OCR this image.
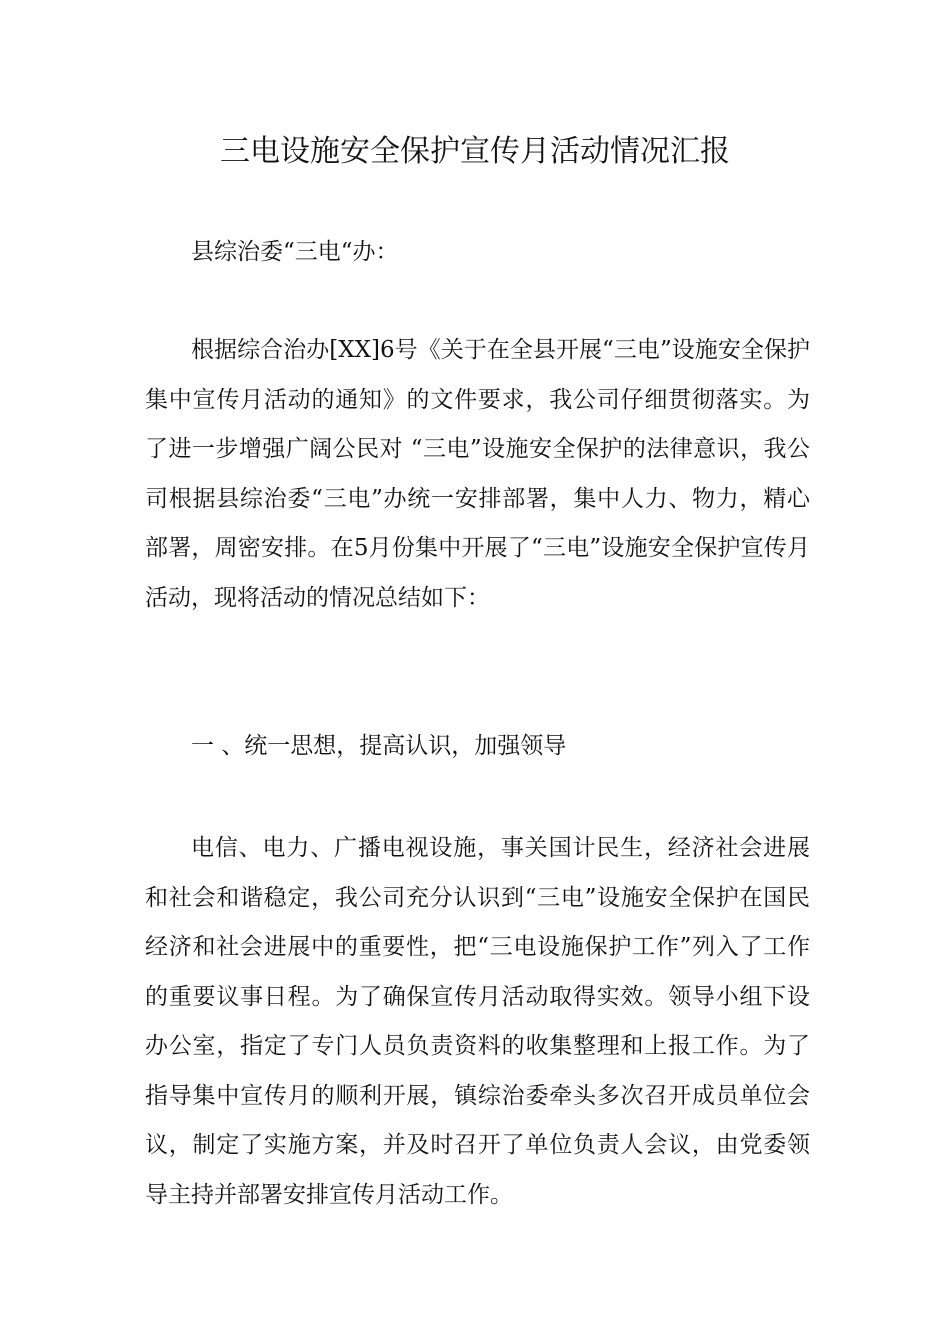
三电设施安全保护宣传月活动情况汇报

县综治委“三电“办：

根据综合治办[XX]6号《关于在全县开展“三电”设施安全保护集中宣传月活动的通知》的文件要求，我公司仔细贯彻落实。为了进一步增强广阔公民对 “三电”设施安全保护的法律意识，我公司根据县综治委“三电”办统一安排部署，集中人力、物力，精心部署，周密安排。在5月份集中开展了“三电”设施安全保护宣传月活动，现将活动的情况总结如下：

一 、统一思想，提高认识，加强领导

电信、电力、广播电视设施，事关国计民生，经济社会进展和社会和谐稳定，我公司充分认识到“三电”设施安全保护在国民经济和社会进展中的重要性，把“三电设施保护工作”列入了工作的重要议事日程。为了确保宣传月活动取得实效。领导小组下设办公室，指定了专门人员负责资料的收集整理和上报工作。为了指导集中宣传月的顺利开展，镇综治委牵头多次召开成员单位会议，制定了实施方案，并及时召开了单位负责人会议，由党委领导主持并部署安排宣传月活动工作。
